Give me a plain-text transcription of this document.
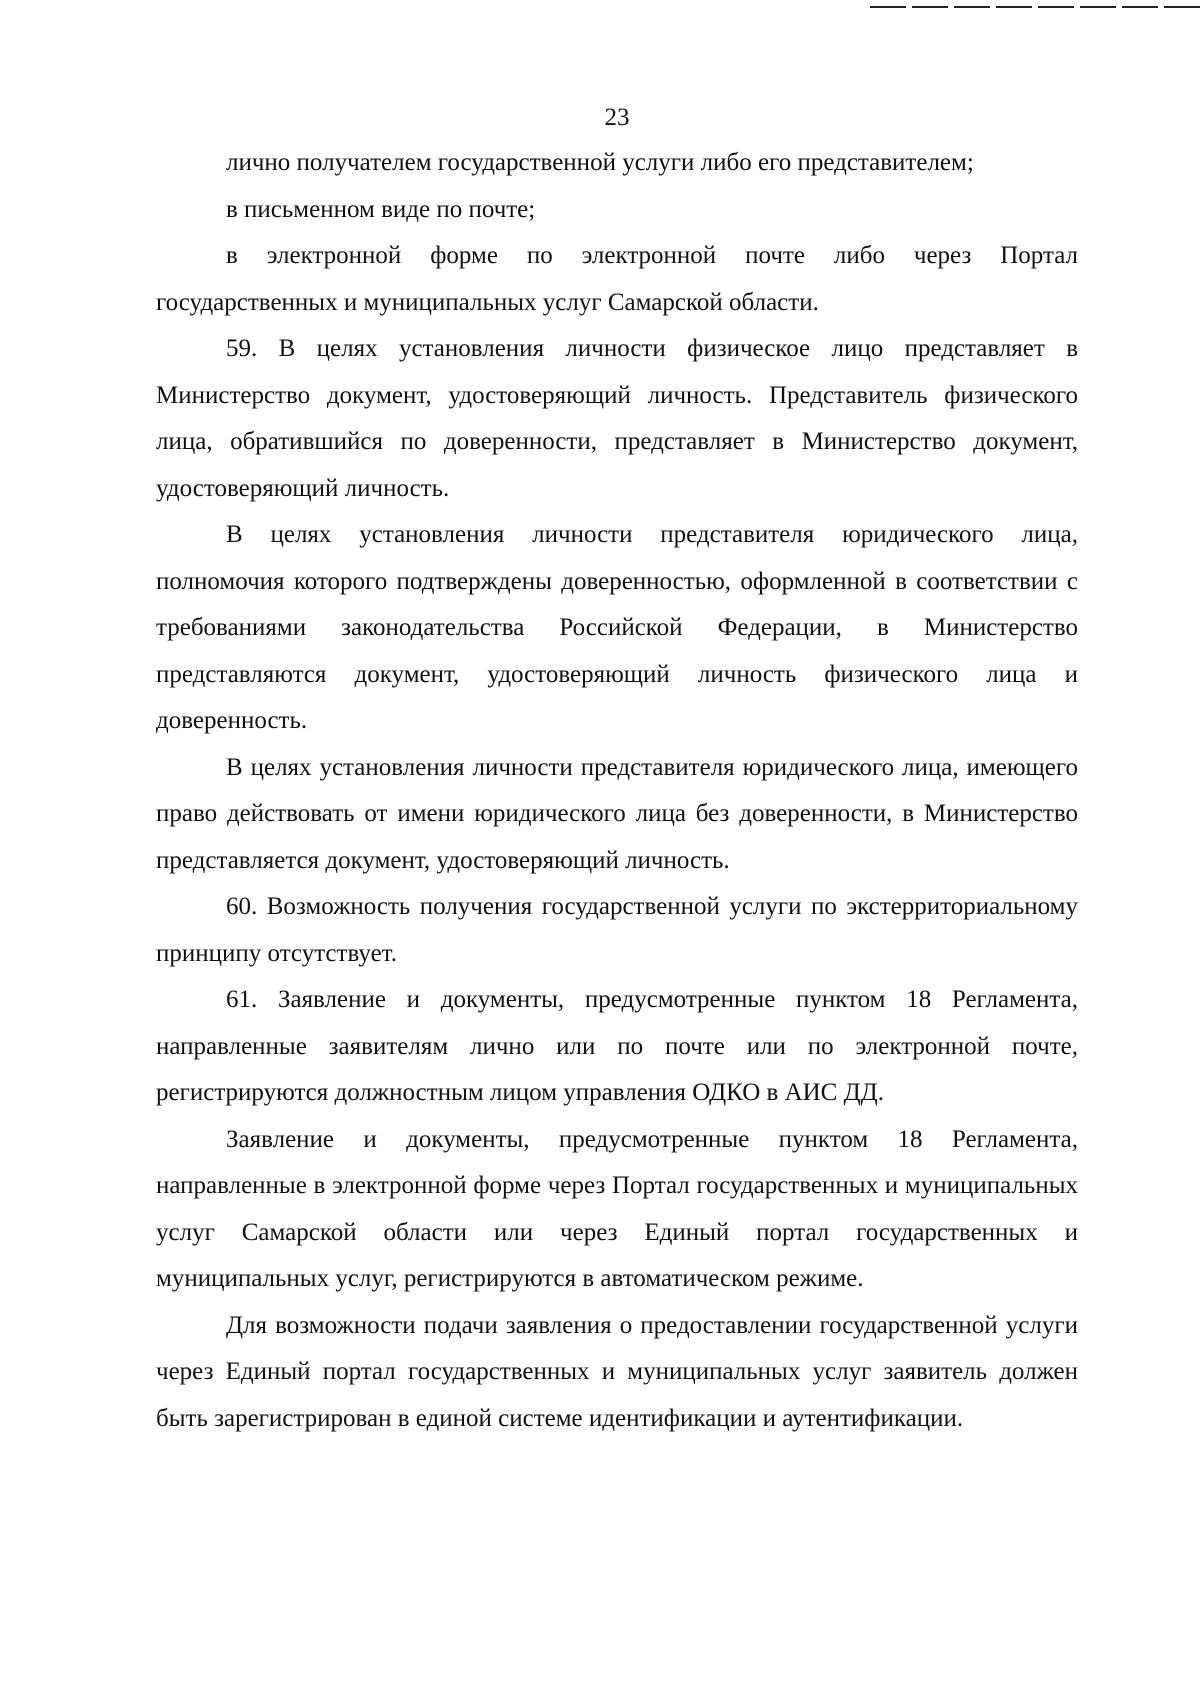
23

лично получателем государственной услуги либо его представителем;

в письменном виде по почте;

в электронной форме по электронной почте либо через Портал государственных и муниципальных услуг Самарской области.

59. В целях установления личности физическое лицо представляет в Министерство документ, удостоверяющий личность. Представитель физического лица, обратившийся по доверенности, представляет в Министерство документ, удостоверяющий личность.

В целях установления личности представителя юридического лица, полномочия которого подтверждены доверенностью, оформленной в соответствии с требованиями законодательства Российской Федерации, в Министерство представляются документ, удостоверяющий личность физического лица и доверенность.

В целях установления личности представителя юридического лица, имеющего право действовать от имени юридического лица без доверенности, в Министерство представляется документ, удостоверяющий личность.

60. Возможность получения государственной услуги по экстерриториальному принципу отсутствует.

61. Заявление и документы, предусмотренные пунктом 18 Регламента, направленные заявителям лично или по почте или по электронной почте, регистрируются должностным лицом управления ОДКО в АИС ДД.

Заявление и документы, предусмотренные пунктом 18 Регламента, направленные в электронной форме через Портал государственных и муниципальных услуг Самарской области или через Единый портал государственных и муниципальных услуг, регистрируются в автоматическом режиме.

Для возможности подачи заявления о предоставлении государственной услуги через Единый портал государственных и муниципальных услуг заявитель должен быть зарегистрирован в единой системе идентификации и аутентификации.
